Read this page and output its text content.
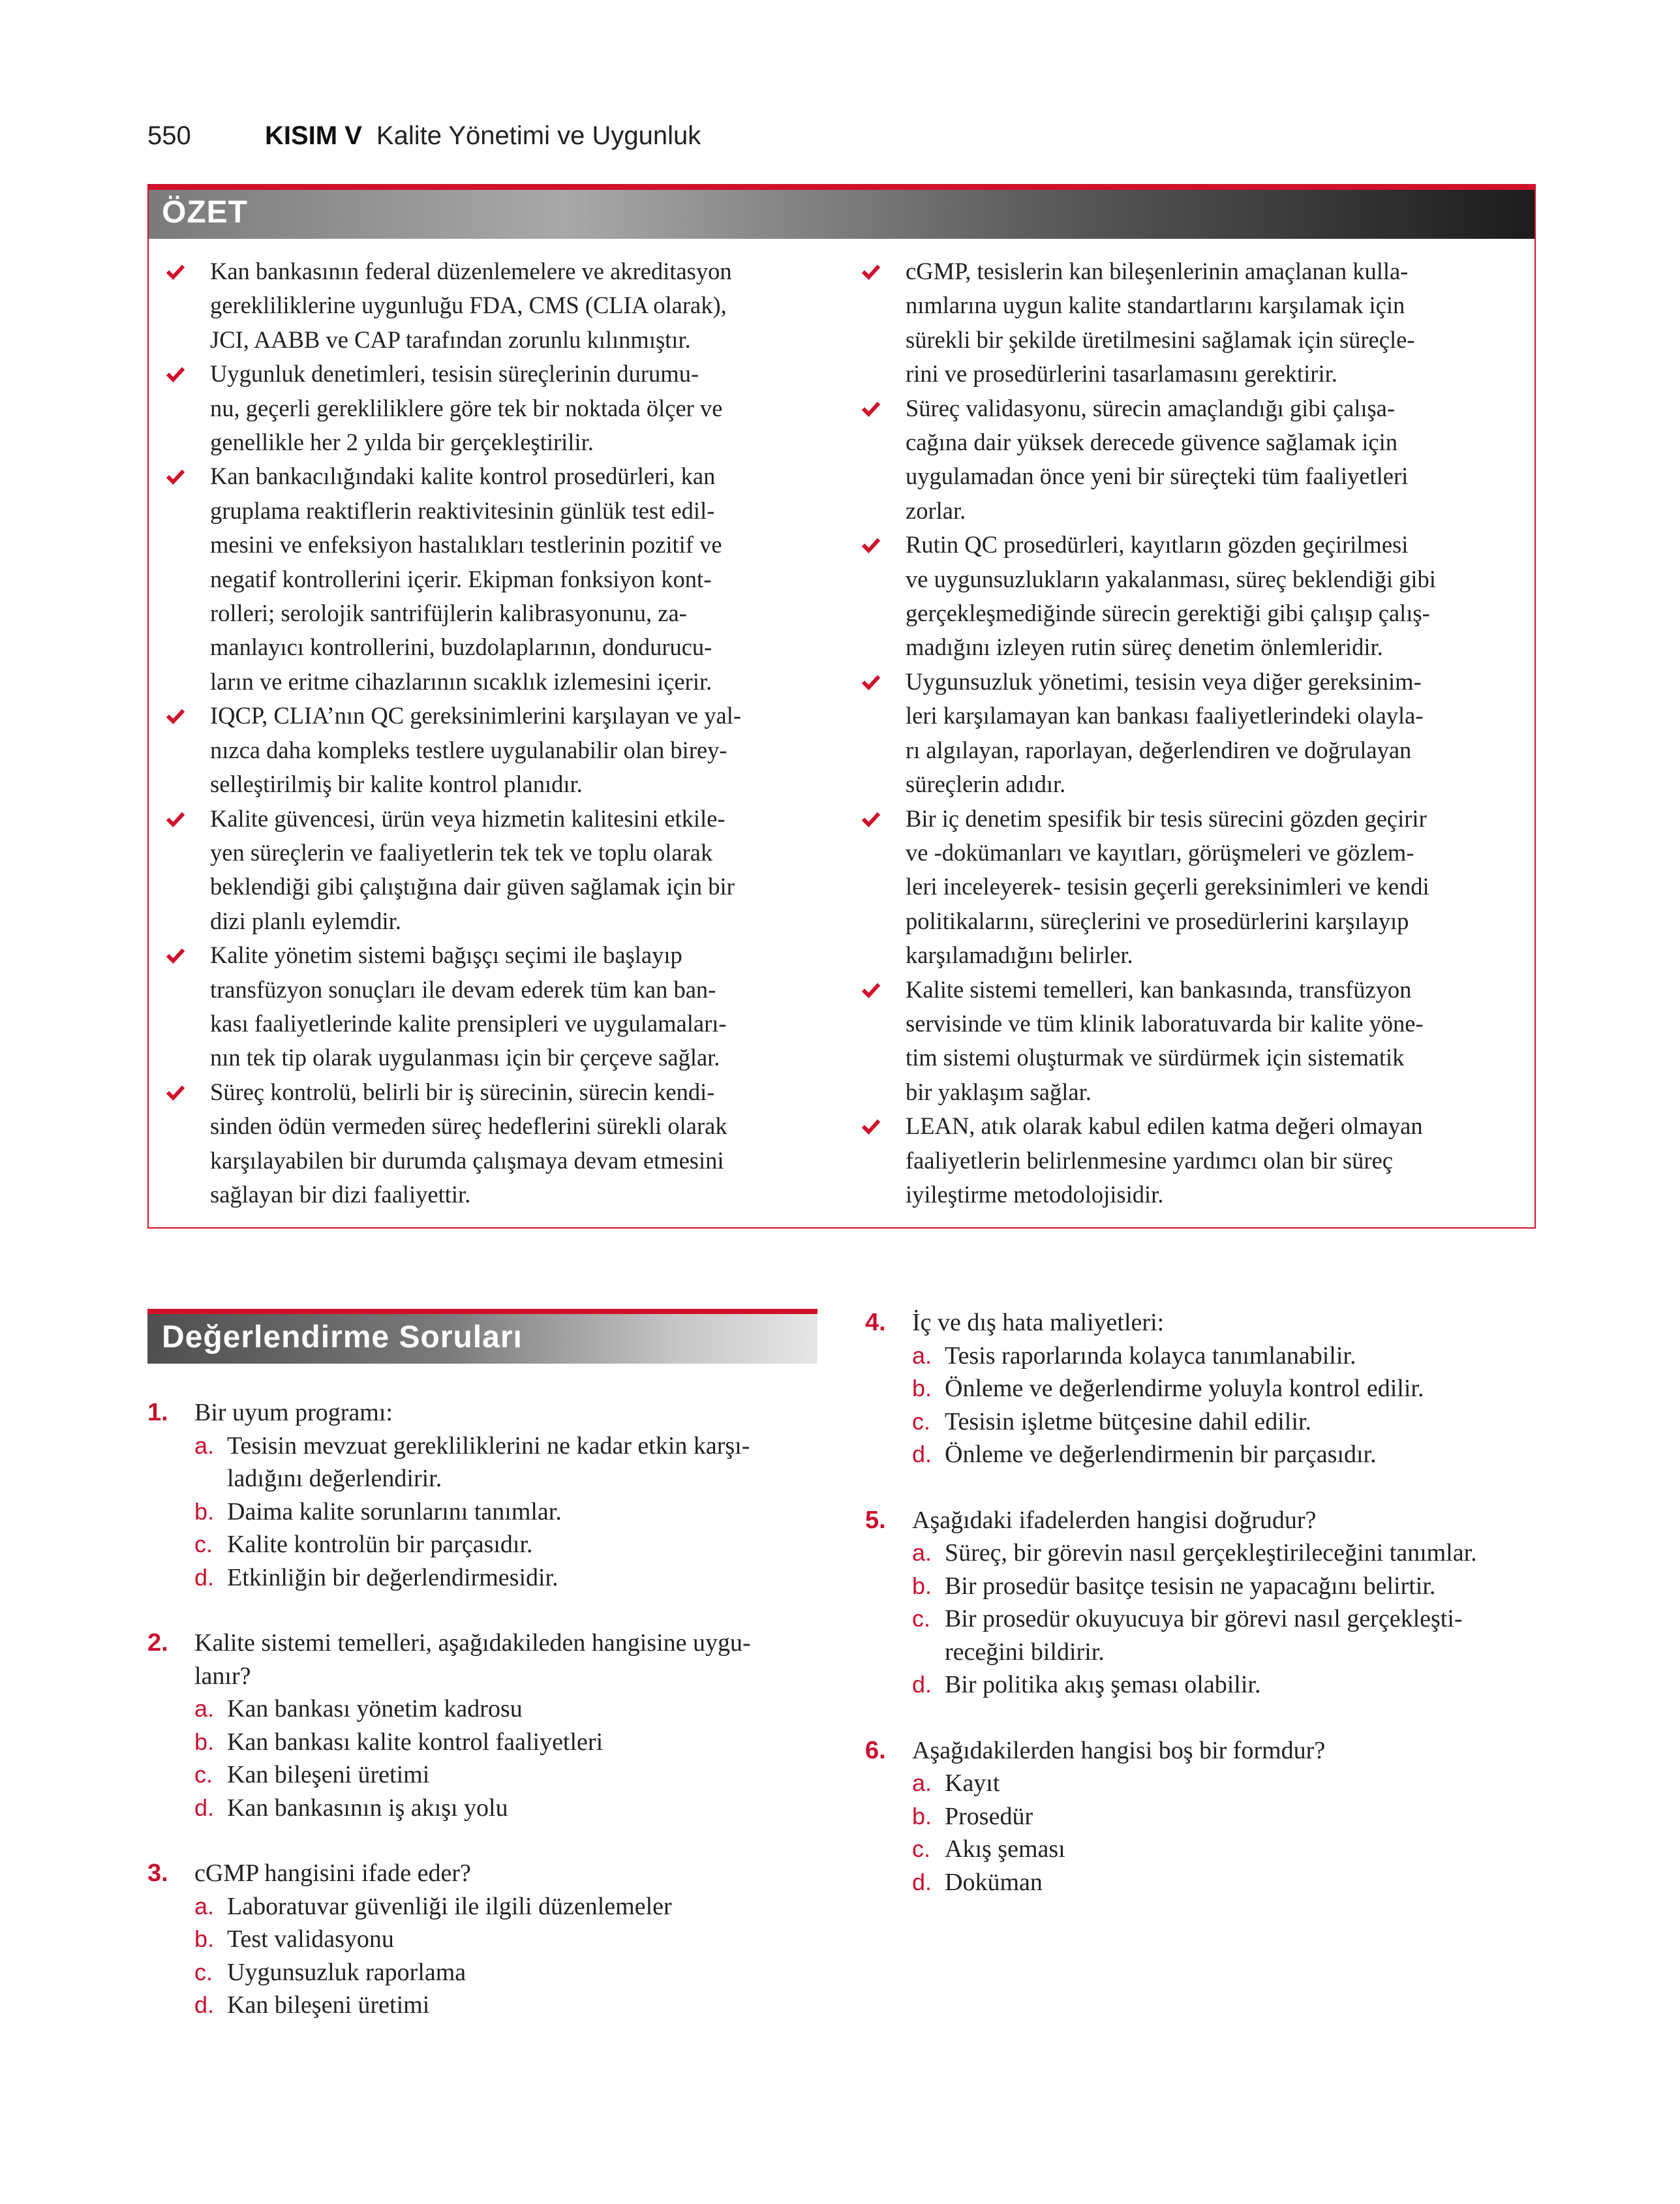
550	KISIM V Kalite Yönetimi ve Uygunluk
ÖZET
Kan bankasının federal düzenlemelere ve akreditasyon
gerekliliklerine uygunluğu FDA, CMS (CLIA olarak),
JCI, AABB ve CAP tarafından zorunlu kılınmıştır.
Uygunluk denetimleri, tesisin süreçlerinin durumu-
nu, geçerli gerekliliklere göre tek bir noktada ölçer ve
genellikle her 2 yılda bir gerçekleştirilir.
Kan bankacılığındaki kalite kontrol prosedürleri, kan
gruplama reaktiflerin reaktivitesinin günlük test edil-
mesini ve enfeksiyon hastalıkları testlerinin pozitif ve
negatif kontrollerini içerir. Ekipman fonksiyon kont-
rolleri; serolojik santrifüjlerin kalibrasyonunu, za-
manlayıcı kontrollerini, buzdolaplarının, dondurucu-
ların ve eritme cihazlarının sıcaklık izlemesini içerir.
IQCP, CLIA’nın QC gereksinimlerini karşılayan ve yal-
nızca daha kompleks testlere uygulanabilir olan birey-
selleştirilmiş bir kalite kontrol planıdır.
Kalite güvencesi, ürün veya hizmetin kalitesini etkile-
yen süreçlerin ve faaliyetlerin tek tek ve toplu olarak
beklendiği gibi çalıştığına dair güven sağlamak için bir
dizi planlı eylemdir.
Kalite yönetim sistemi bağışçı seçimi ile başlayıp
transfüzyon sonuçları ile devam ederek tüm kan ban-
kası faaliyetlerinde kalite prensipleri ve uygulamaları-
nın tek tip olarak uygulanması için bir çerçeve sağlar.
Süreç kontrolü, belirli bir iş sürecinin, sürecin kendi-
sinden ödün vermeden süreç hedeflerini sürekli olarak
karşılayabilen bir durumda çalışmaya devam etmesini
sağlayan bir dizi faaliyettir.
cGMP, tesislerin kan bileşenlerinin amaçlanan kulla-
nımlarına uygun kalite standartlarını karşılamak için
sürekli bir şekilde üretilmesini sağlamak için süreçle-
rini ve prosedürlerini tasarlamasını gerektirir.
Süreç validasyonu, sürecin amaçlandığı gibi çalışa-
cağına dair yüksek derecede güvence sağlamak için
uygulamadan önce yeni bir süreçteki tüm faaliyetleri
zorlar.
Rutin QC prosedürleri, kayıtların gözden geçirilmesi
ve uygunsuzlukların yakalanması, süreç beklendiği gibi
gerçekleşmediğinde sürecin gerektiği gibi çalışıp çalış-
madığını izleyen rutin süreç denetim önlemleridir.
Uygunsuzluk yönetimi, tesisin veya diğer gereksinim-
leri karşılamayan kan bankası faaliyetlerindeki olayla-
rı algılayan, raporlayan, değerlendiren ve doğrulayan
süreçlerin adıdır.
Bir iç denetim spesifik bir tesis sürecini gözden geçirir
ve -dokümanları ve kayıtları, görüşmeleri ve gözlem-
leri inceleyerek- tesisin geçerli gereksinimleri ve kendi
politikalarını, süreçlerini ve prosedürlerini karşılayıp
karşılamadığını belirler.
Kalite sistemi temelleri, kan bankasında, transfüzyon
servisinde ve tüm klinik laboratuvarda bir kalite yöne-
tim sistemi oluşturmak ve sürdürmek için sistematik
bir yaklaşım sağlar.
LEAN, atık olarak kabul edilen katma değeri olmayan
faaliyetlerin belirlenmesine yardımcı olan bir süreç
iyileştirme metodolojisidir.
Değerlendirme Soruları
1. Bir uyum programı:
a. Tesisin mevzuat gerekliliklerini ne kadar etkin karşı-
ladığını değerlendirir.
b. Daima kalite sorunlarını tanımlar.
c. Kalite kontrolün bir parçasıdır.
d. Etkinliğin bir değerlendirmesidir.
2. Kalite sistemi temelleri, aşağıdakileden hangisine uygu-
lanır?
a. Kan bankası yönetim kadrosu
b. Kan bankası kalite kontrol faaliyetleri
c. Kan bileşeni üretimi
d. Kan bankasının iş akışı yolu
3. cGMP hangisini ifade eder?
a. Laboratuvar güvenliği ile ilgili düzenlemeler
b. Test validasyonu
c. Uygunsuzluk raporlama
d. Kan bileşeni üretimi
4. İç ve dış hata maliyetleri:
a. Tesis raporlarında kolayca tanımlanabilir.
b. Önleme ve değerlendirme yoluyla kontrol edilir.
c. Tesisin işletme bütçesine dahil edilir.
d. Önleme ve değerlendirmenin bir parçasıdır.
5. Aşağıdaki ifadelerden hangisi doğrudur?
a. Süreç, bir görevin nasıl gerçekleştirileceğini tanımlar.
b. Bir prosedür basitçe tesisin ne yapacağını belirtir.
c. Bir prosedür okuyucuya bir görevi nasıl gerçekleşti-
receğini bildirir.
d. Bir politika akış şeması olabilir.
6. Aşağıdakilerden hangisi boş bir formdur?
a. Kayıt
b. Prosedür
c. Akış şeması
d. Doküman
